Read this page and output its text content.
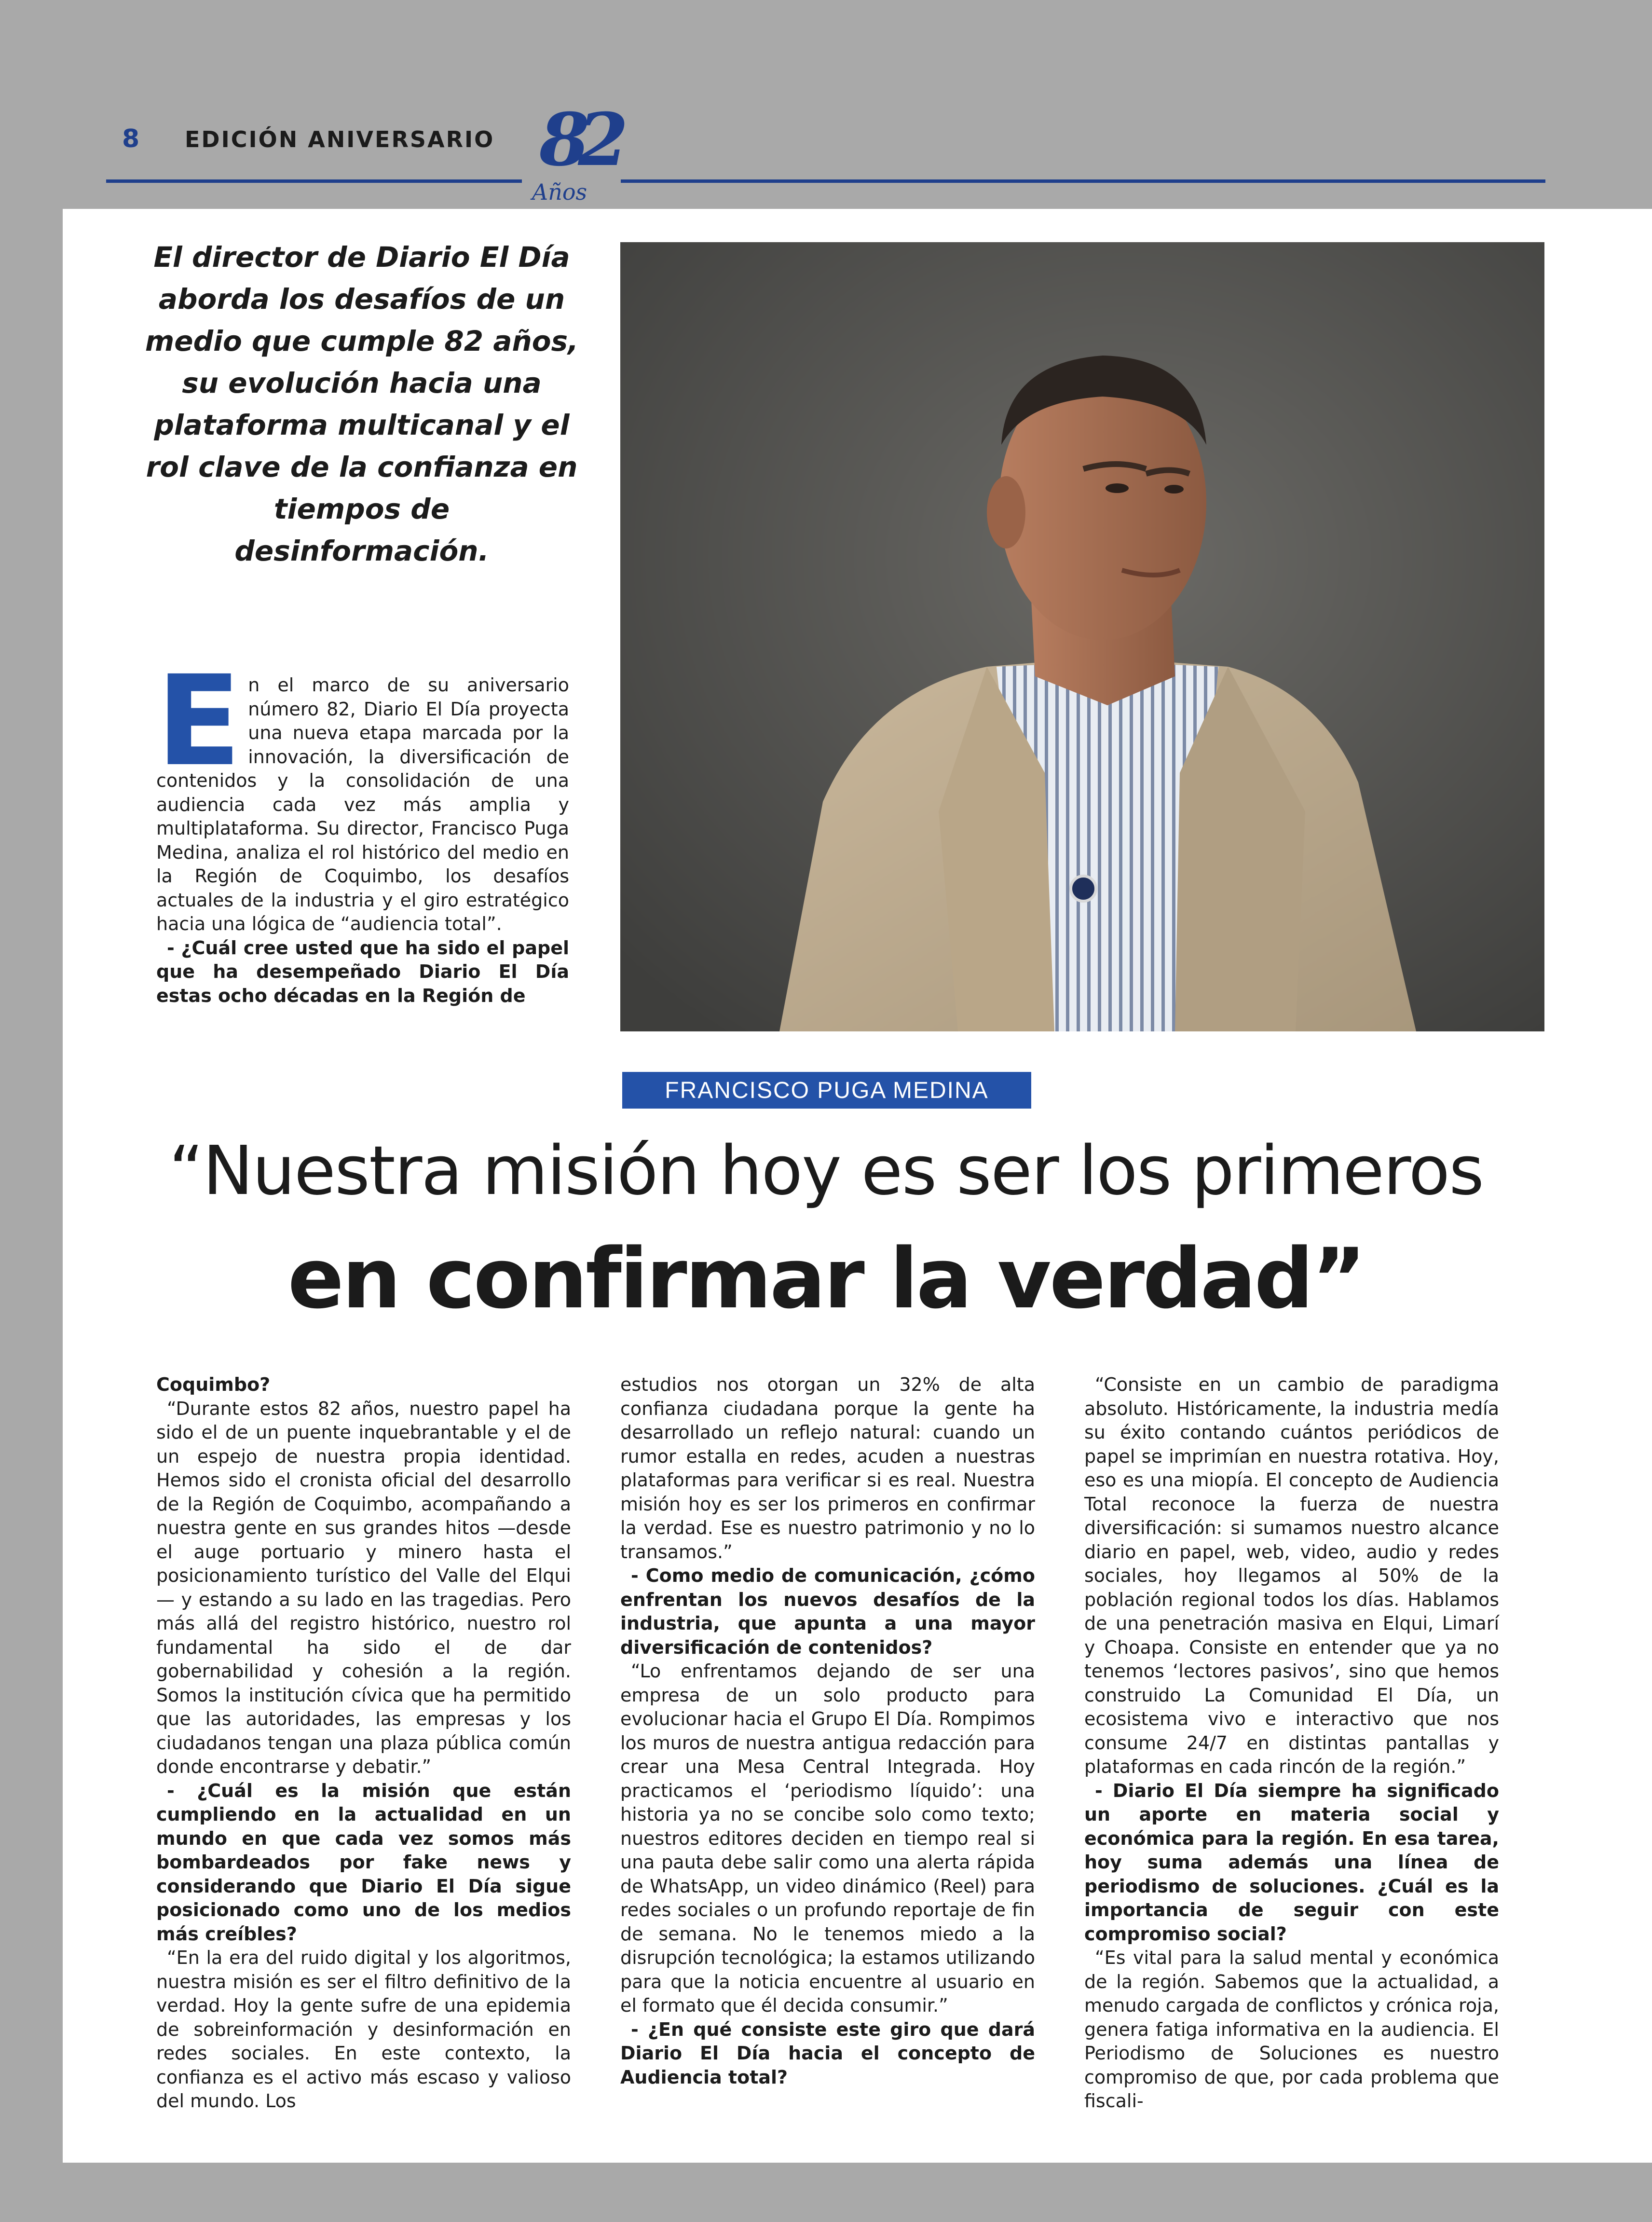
8 EDICIÓN ANIVERSARIO 82
Años

El director de Diario El Día aborda los desafíos de un medio que cumple 82 años, su evolución hacia una plataforma multicanal y el rol clave de la confianza en tiempos de desinformación.

FRANCISCO PUGA MEDINA
“Nuestra misión hoy es ser los primeros
en confirmar la verdad”

En el marco de su aniversario número 82, Diario El Día proyecta una nueva etapa marcada por la innovación, la diversificación de contenidos y la consolidación de una audiencia cada vez más amplia y multiplataforma. Su director, Francisco Puga Medina, analiza el rol histórico del medio en la Región de Coquimbo, los desafíos actuales de la industria y el giro estratégico hacia una lógica de “audiencia total”.

- ¿Cuál cree usted que ha sido el papel que ha desempeñado Diario El Día estas ocho décadas en la Región de

Coquimbo?

“Durante estos 82 años, nuestro papel ha sido el de un puente inquebrantable y el de un espejo de nuestra propia identidad. Hemos sido el cronista oficial del desarrollo de la Región de Coquimbo, acompañando a nuestra gente en sus grandes hitos —desde el auge portuario y minero hasta el posicionamiento turístico del Valle del Elqui— y estando a su lado en las tragedias. Pero más allá del registro histórico, nuestro rol fundamental ha sido el de dar gobernabilidad y cohesión a la región. Somos la institución cívica que ha permitido que las autoridades, las empresas y los ciudadanos tengan una plaza pública común donde encontrarse y debatir.”

- ¿Cuál es la misión que están cumpliendo en la actualidad en un mundo en que cada vez somos más bombardeados por fake news y considerando que Diario El Día sigue posicionado como uno de los medios más creíbles?

“En la era del ruido digital y los algoritmos, nuestra misión es ser el filtro definitivo de la verdad. Hoy la gente sufre de una epidemia de sobreinformación y desinformación en redes sociales. En este contexto, la confianza es el activo más escaso y valioso del mundo. Los

estudios nos otorgan un 32% de alta confianza ciudadana porque la gente ha desarrollado un reflejo natural: cuando un rumor estalla en redes, acuden a nuestras plataformas para verificar si es real. Nuestra misión hoy es ser los primeros en confirmar la verdad. Ese es nuestro patrimonio y no lo transamos.”

- Como medio de comunicación, ¿cómo enfrentan los nuevos desafíos de la industria, que apunta a una mayor diversificación de contenidos?

“Lo enfrentamos dejando de ser una empresa de un solo producto para evolucionar hacia el Grupo El Día. Rompimos los muros de nuestra antigua redacción para crear una Mesa Central Integrada. Hoy practicamos el ‘periodismo líquido’: una historia ya no se concibe solo como texto; nuestros editores deciden en tiempo real si una pauta debe salir como una alerta rápida de WhatsApp, un video dinámico (Reel) para redes sociales o un profundo reportaje de fin de semana. No le tenemos miedo a la disrupción tecnológica; la estamos utilizando para que la noticia encuentre al usuario en el formato que él decida consumir.”

- ¿En qué consiste este giro que dará Diario El Día hacia el concepto de Audiencia total?

“Consiste en un cambio de paradigma absoluto. Históricamente, la industria medía su éxito contando cuántos periódicos de papel se imprimían en nuestra rotativa. Hoy, eso es una miopía. El concepto de Audiencia Total reconoce la fuerza de nuestra diversificación: si sumamos nuestro alcance diario en papel, web, video, audio y redes sociales, hoy llegamos al 50% de la población regional todos los días. Hablamos de una penetración masiva en Elqui, Limarí y Choapa. Consiste en entender que ya no tenemos ‘lectores pasivos’, sino que hemos construido La Comunidad El Día, un ecosistema vivo e interactivo que nos consume 24/7 en distintas pantallas y plataformas en cada rincón de la región.”

- Diario El Día siempre ha significado un aporte en materia social y económica para la región. En esa tarea, hoy suma además una línea de periodismo de soluciones. ¿Cuál es la importancia de seguir con este compromiso social?

“Es vital para la salud mental y económica de la región. Sabemos que la actualidad, a menudo cargada de conflictos y crónica roja, genera fatiga informativa en la audiencia. El Periodismo de Soluciones es nuestro compromiso de que, por cada problema que fiscali-
